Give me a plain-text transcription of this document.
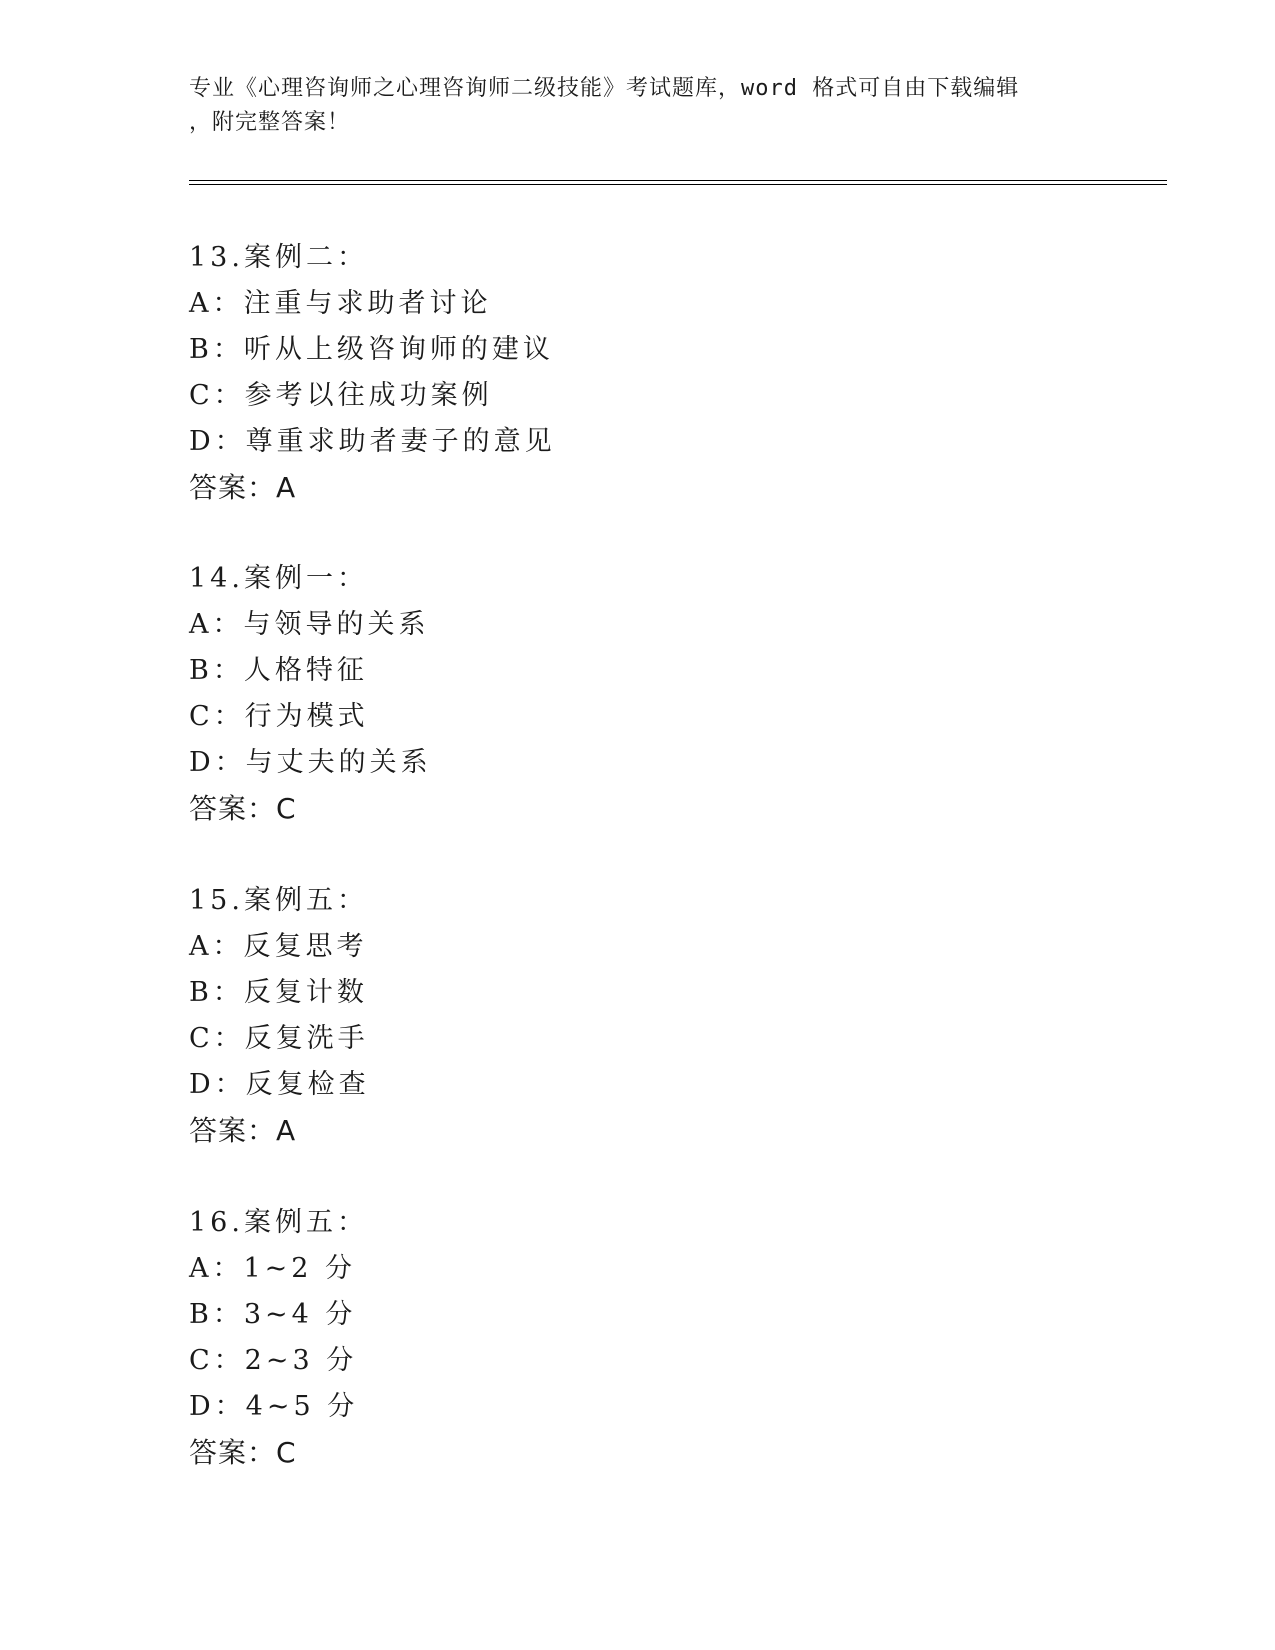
专业《心理咨询师之心理咨询师二级技能》考试题库，word 格式可自由下载编辑
，附完整答案！
13.案例二：
A：注重与求助者讨论
B：听从上级咨询师的建议
C：参考以往成功案例
D：尊重求助者妻子的意见
答案：A
14.案例一：
A：与领导的关系
B：人格特征
C：行为模式
D：与丈夫的关系
答案：C
15.案例五：
A：反复思考
B：反复计数
C：反复洗手
D：反复检查
答案：A
16.案例五：
A：1~2 分
B：3~4 分
C：2~3 分
D：4~5 分
答案：C
